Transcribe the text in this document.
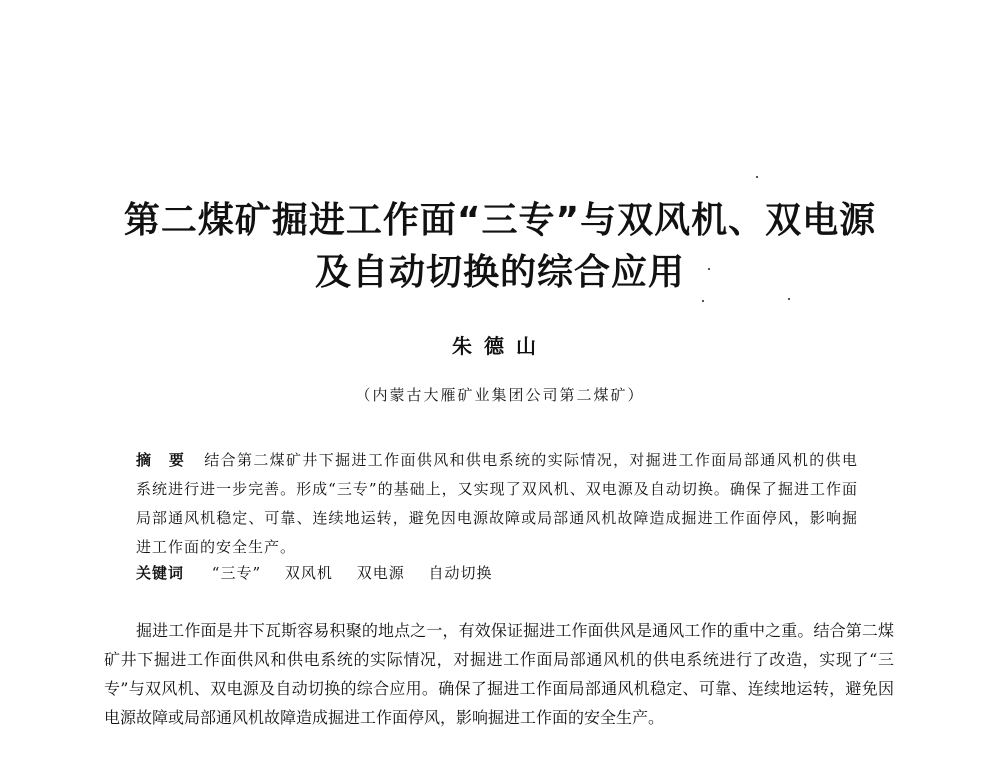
第二煤矿掘进工作面“三专”与双风机、双电源
及自动切换的综合应用
朱德山
（内蒙古大雁矿业集团公司第二煤矿）
摘 要 结合第二煤矿井下掘进工作面供风和供电系统的实际情况，对掘进工作面局部通风机的供电系统进行进一步完善。形成“三专”的基础上，又实现了双风机、双电源及自动切换。确保了掘进工作面局部通风机稳定、可靠、连续地运转，避免因电源故障或局部通风机故障造成掘进工作面停风，影响掘进工作面的安全生产。
关键词 “三专” 双风机 双电源 自动切换
掘进工作面是井下瓦斯容易积聚的地点之一，有效保证掘进工作面供风是通风工作的重中之重。结合第二煤矿井下掘进工作面供风和供电系统的实际情况，对掘进工作面局部通风机的供电系统进行了改造，实现了“三专”与双风机、双电源及自动切换的综合应用。确保了掘进工作面局部通风机稳定、可靠、连续地运转，避免因电源故障或局部通风机故障造成掘进工作面停风，影响掘进工作面的安全生产。
